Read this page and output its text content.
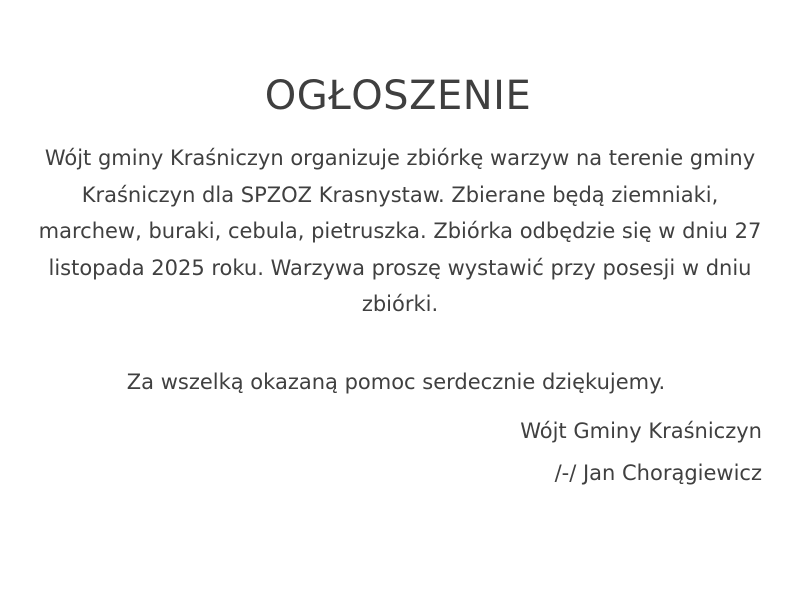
OGŁOSZENIE
Wójt gminy Kraśniczyn organizuje zbiórkę warzyw na terenie gminy Kraśniczyn dla SPZOZ Krasnystaw. Zbierane będą ziemniaki, marchew, buraki, cebula, pietruszka. Zbiórka odbędzie się w dniu 27 listopada 2025 roku. Warzywa proszę wystawić przy posesji w dniu zbiórki.
Za wszelką okazaną pomoc serdecznie dziękujemy.
Wójt Gminy Kraśniczyn
/-/ Jan Chorągiewicz
